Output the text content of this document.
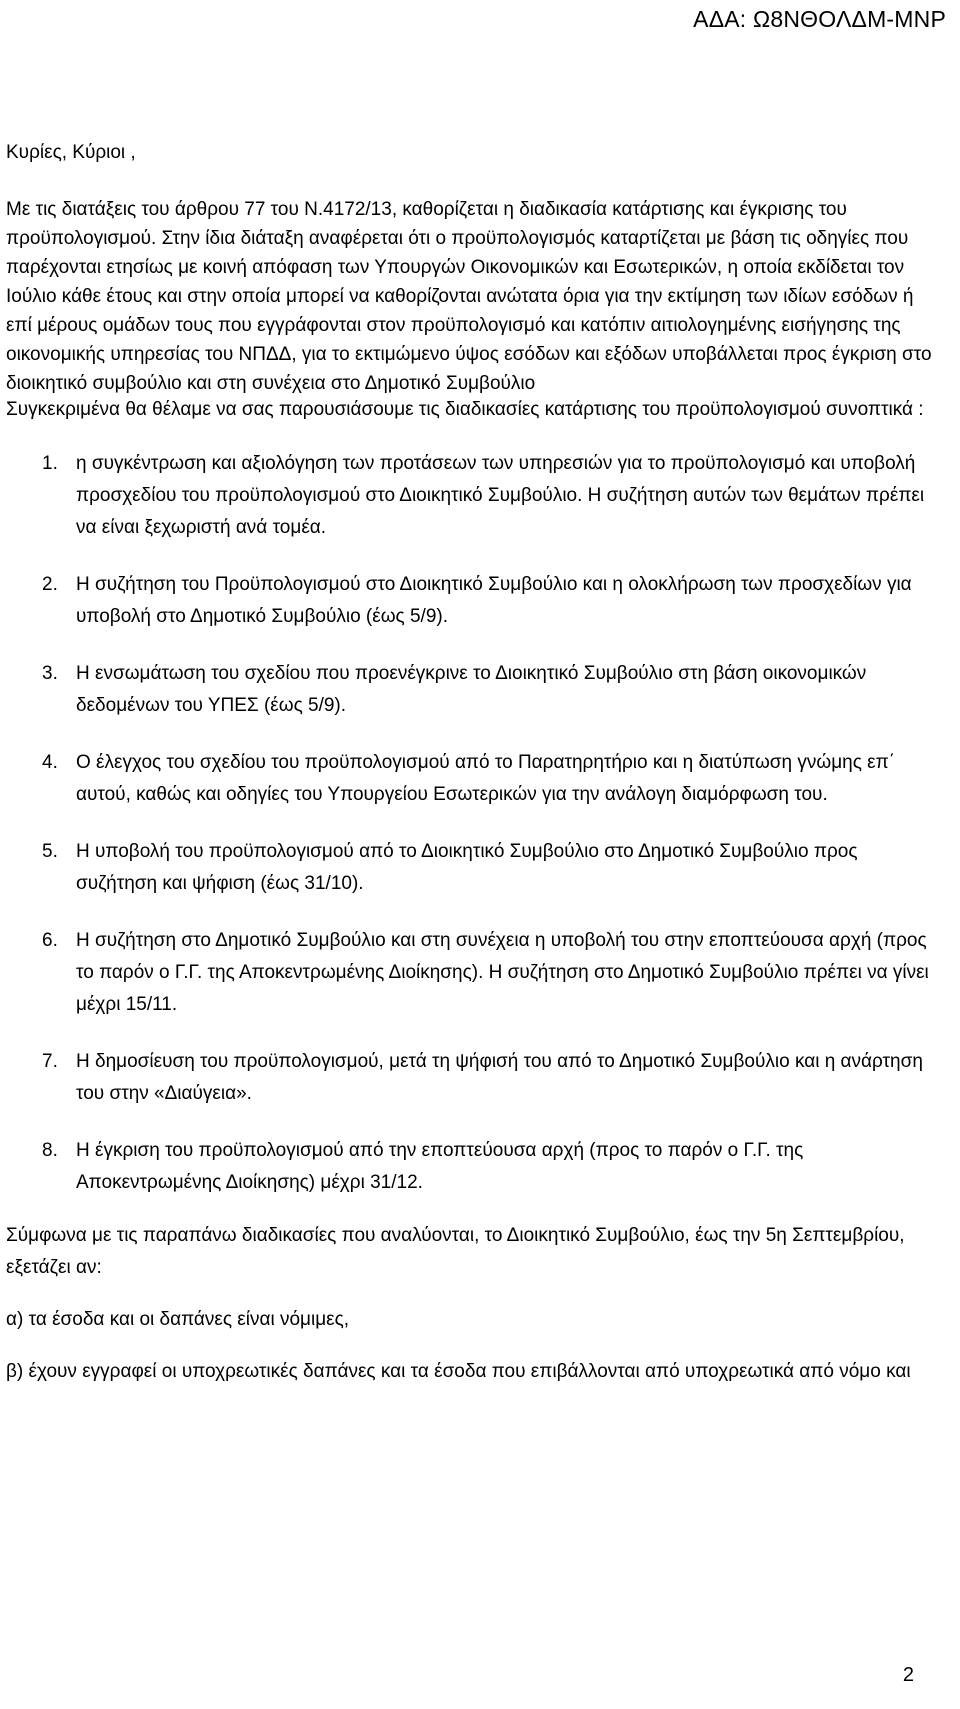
ΑΔΑ: Ω8ΝΘΟΛΔΜ-ΜΝΡ

Κυρίες, Κύριοι ,

Με τις διατάξεις του άρθρου 77 του Ν.4172/13, καθορίζεται η διαδικασία κατάρτισης και έγκρισης του προϋπολογισμού. Στην ίδια διάταξη αναφέρεται ότι ο προϋπολογισμός καταρτίζεται με βάση τις οδηγίες που παρέχονται ετησίως με κοινή απόφαση των Υπουργών Οικονομικών και Εσωτερικών, η οποία εκδίδεται τον Ιούλιο κάθε έτους και στην οποία μπορεί να καθορίζονται ανώτατα όρια για την εκτίμηση των ιδίων εσόδων ή επί μέρους ομάδων τους που εγγράφονται στον προϋπολογισμό και κατόπιν αιτιολογημένης εισήγησης της οικονομικής υπηρεσίας του ΝΠΔΔ, για το εκτιμώμενο ύψος εσόδων και εξόδων υποβάλλεται προς έγκριση στο διοικητικό συμβούλιο και στη συνέχεια στο Δημοτικό Συμβούλιο

Συγκεκριμένα θα θέλαμε να σας παρουσιάσουμε τις διαδικασίες κατάρτισης του προϋπολογισμού συνοπτικά :

1. η συγκέντρωση και αξιολόγηση των προτάσεων των υπηρεσιών για το προϋπολογισμό και υποβολή προσχεδίου του προϋπολογισμού στο Διοικητικό Συμβούλιο. Η συζήτηση αυτών των θεμάτων πρέπει να είναι ξεχωριστή ανά τομέα.
2. Η συζήτηση του Προϋπολογισμού στο Διοικητικό Συμβούλιο και η ολοκλήρωση των προσχεδίων για υποβολή στο Δημοτικό Συμβούλιο (έως 5/9).
3. Η ενσωμάτωση του σχεδίου που προενέγκρινε το Διοικητικό Συμβούλιο στη βάση οικονομικών δεδομένων του ΥΠΕΣ (έως 5/9).
4. Ο έλεγχος του σχεδίου του προϋπολογισμού από το Παρατηρητήριο και η διατύπωση γνώμης επ΄ αυτού, καθώς και οδηγίες του Υπουργείου Εσωτερικών για την ανάλογη διαμόρφωση του.
5. Η υποβολή του προϋπολογισμού από το Διοικητικό Συμβούλιο στο Δημοτικό Συμβούλιο προς συζήτηση και ψήφιση (έως 31/10).
6. Η συζήτηση στο Δημοτικό Συμβούλιο και στη συνέχεια η υποβολή του στην εποπτεύουσα αρχή (προς το παρόν ο Γ.Γ. της Αποκεντρωμένης Διοίκησης). Η συζήτηση στο Δημοτικό Συμβούλιο πρέπει να γίνει μέχρι 15/11.
7. Η δημοσίευση του προϋπολογισμού, μετά τη ψήφισή του από το Δημοτικό Συμβούλιο και η ανάρτηση του στην «Διαύγεια».
8. Η έγκριση του προϋπολογισμού από την εποπτεύουσα αρχή (προς το παρόν ο Γ.Γ. της Αποκεντρωμένης Διοίκησης) μέχρι 31/12.

Σύμφωνα με τις παραπάνω διαδικασίες που αναλύονται, το Διοικητικό Συμβούλιο, έως την 5η Σεπτεμβρίου, εξετάζει αν:

α) τα έσοδα και οι δαπάνες είναι νόμιμες,

β) έχουν εγγραφεί οι υποχρεωτικές δαπάνες και τα έσοδα που επιβάλλονται από υποχρεωτικά από νόμο και

2
